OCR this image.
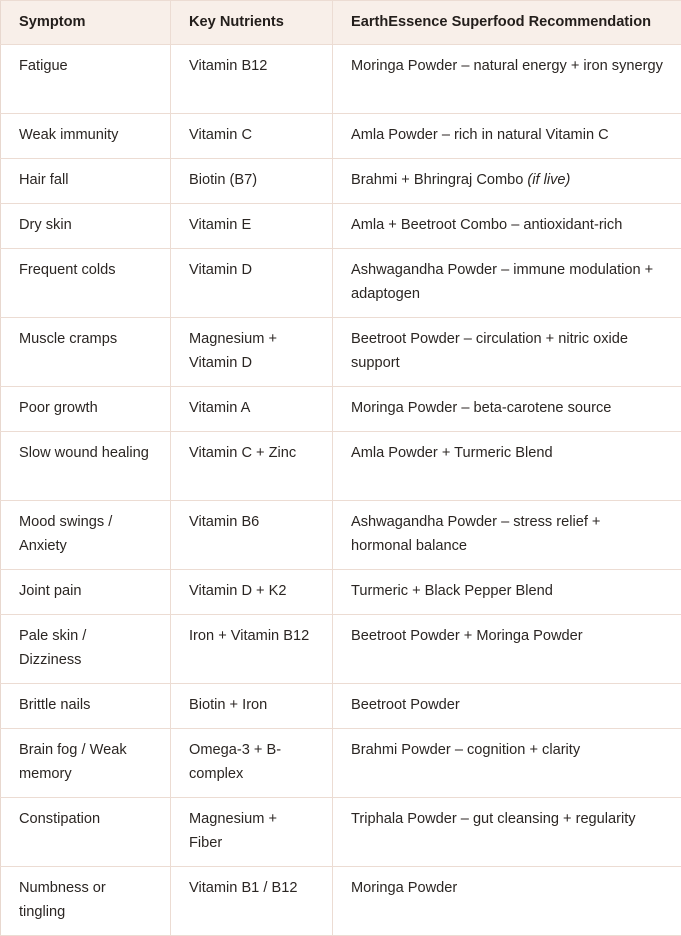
Symptom	Key Nutrients	EarthEssence Superfood Recommendation
Fatigue	Vitamin B12	Moringa Powder – natural energy + iron synergy
Weak immunity	Vitamin C	Amla Powder – rich in natural Vitamin C
Hair fall	Biotin (B7)	Brahmi + Bhringraj Combo (if live)
Dry skin	Vitamin E	Amla + Beetroot Combo – antioxidant-rich
Frequent colds	Vitamin D	Ashwagandha Powder – immune modulation + adaptogen
Muscle cramps	Magnesium + Vitamin D	Beetroot Powder – circulation + nitric oxide support
Poor growth	Vitamin A	Moringa Powder – beta-carotene source
Slow wound healing	Vitamin C + Zinc	Amla Powder + Turmeric Blend
Mood swings / Anxiety	Vitamin B6	Ashwagandha Powder – stress relief + hormonal balance
Joint pain	Vitamin D + K2	Turmeric + Black Pepper Blend
Pale skin / Dizziness	Iron + Vitamin B12	Beetroot Powder + Moringa Powder
Brittle nails	Biotin + Iron	Beetroot Powder
Brain fog / Weak memory	Omega-3 + B-complex	Brahmi Powder – cognition + clarity
Constipation	Magnesium + Fiber	Triphala Powder – gut cleansing + regularity
Numbness or tingling	Vitamin B1 / B12	Moringa Powder
